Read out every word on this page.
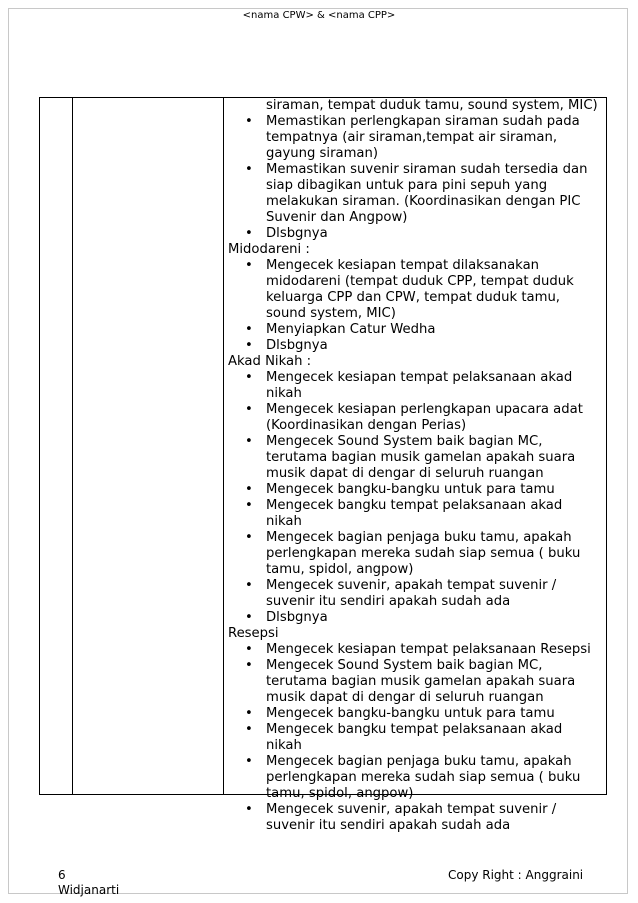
<nama CPW> & <nama CPP>
siraman, tempat duduk tamu, sound system, MIC)
• Memastikan perlengkapan siraman sudah pada tempatnya (air siraman,tempat air siraman, gayung siraman)
• Memastikan suvenir siraman sudah tersedia dan siap dibagikan untuk para pini sepuh yang melakukan siraman. (Koordinasikan dengan PIC Suvenir dan Angpow)
• Dlsbgnya

Midodareni :

• Mengecek kesiapan tempat dilaksanakan midodareni (tempat duduk CPP, tempat duduk keluarga CPP dan CPW, tempat duduk tamu, sound system, MIC)
• Menyiapkan Catur Wedha
• Dlsbgnya

Akad Nikah :

• Mengecek kesiapan tempat pelaksanaan akad nikah
• Mengecek kesiapan perlengkapan upacara adat (Koordinasikan dengan Perias)
• Mengecek Sound System baik bagian MC, terutama bagian musik gamelan apakah suara musik dapat di dengar di seluruh ruangan
• Mengecek bangku-bangku untuk para tamu
• Mengecek bangku tempat pelaksanaan akad nikah
• Mengecek bagian penjaga buku tamu, apakah perlengkapan mereka sudah siap semua ( buku tamu, spidol, angpow)
• Mengecek suvenir, apakah tempat suvenir / suvenir itu sendiri apakah sudah ada
• Dlsbgnya

Resepsi

• Mengecek kesiapan tempat pelaksanaan Resepsi
• Mengecek Sound System baik bagian MC, terutama bagian musik gamelan apakah suara musik dapat di dengar di seluruh ruangan
• Mengecek bangku-bangku untuk para tamu
• Mengecek bangku tempat pelaksanaan akad nikah
• Mengecek bagian penjaga buku tamu, apakah perlengkapan mereka sudah siap semua ( buku tamu, spidol, angpow)
• Mengecek suvenir, apakah tempat suvenir / suvenir itu sendiri apakah sudah ada
6
Widjanarti
Copy Right : Anggraini
